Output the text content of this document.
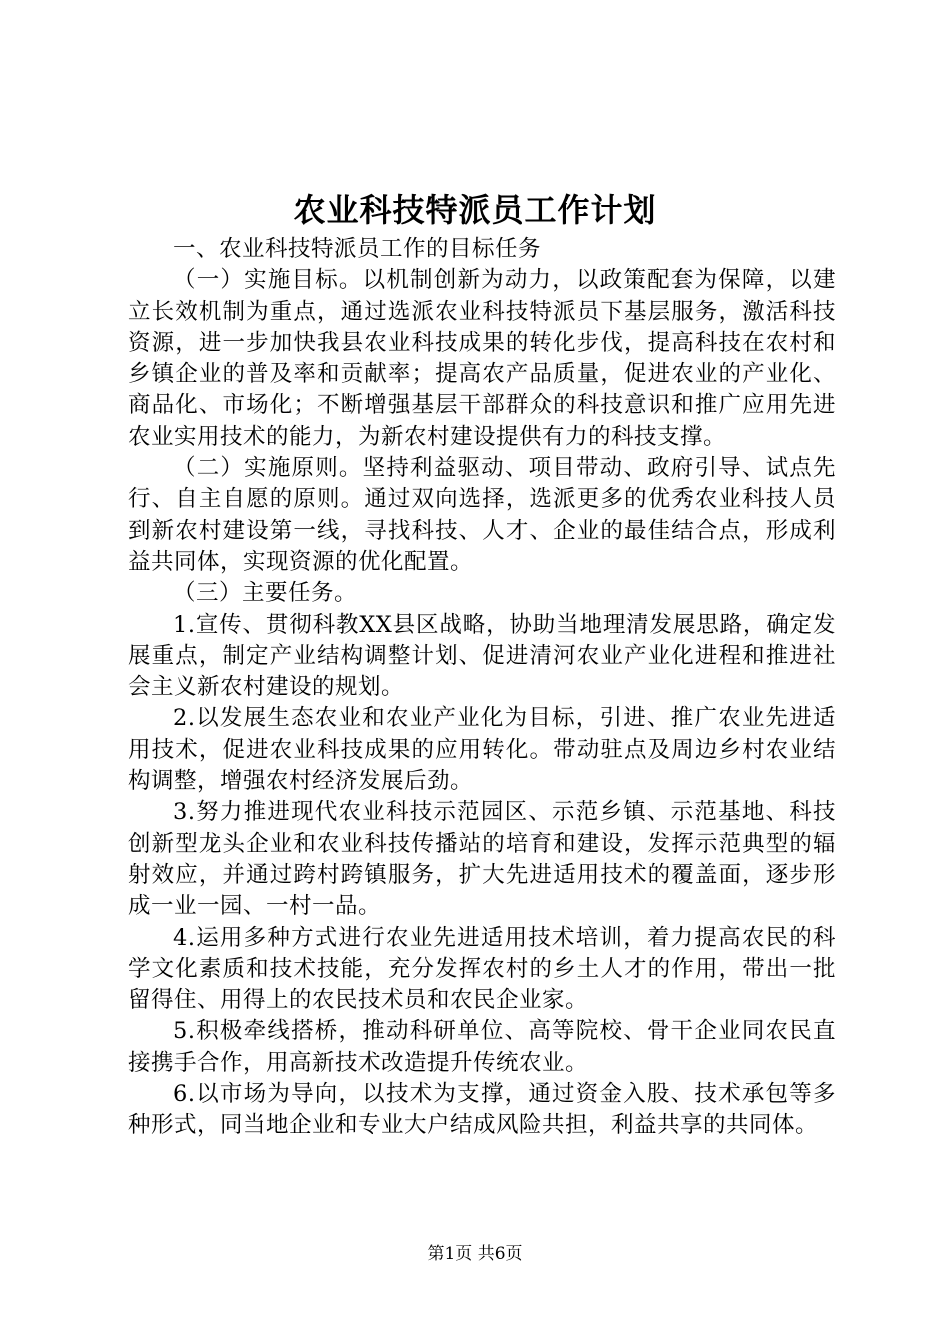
农业科技特派员工作计划

一、农业科技特派员工作的目标任务

（一）实施目标。以机制创新为动力，以政策配套为保障，以建立长效机制为重点，通过选派农业科技特派员下基层服务，激活科技资源，进一步加快我县农业科技成果的转化步伐，提高科技在农村和乡镇企业的普及率和贡献率；提高农产品质量，促进农业的产业化、商品化、市场化；不断增强基层干部群众的科技意识和推广应用先进农业实用技术的能力，为新农村建设提供有力的科技支撑。

（二）实施原则。坚持利益驱动、项目带动、政府引导、试点先行、自主自愿的原则。通过双向选择，选派更多的优秀农业科技人员到新农村建设第一线，寻找科技、人才、企业的最佳结合点，形成利益共同体，实现资源的优化配置。

（三）主要任务。

1.宣传、贯彻科教XX县区战略，协助当地理清发展思路，确定发展重点，制定产业结构调整计划、促进清河农业产业化进程和推进社会主义新农村建设的规划。

2.以发展生态农业和农业产业化为目标，引进、推广农业先进适用技术，促进农业科技成果的应用转化。带动驻点及周边乡村农业结构调整，增强农村经济发展后劲。

3.努力推进现代农业科技示范园区、示范乡镇、示范基地、科技创新型龙头企业和农业科技传播站的培育和建设，发挥示范典型的辐射效应，并通过跨村跨镇服务，扩大先进适用技术的覆盖面，逐步形成一业一园、一村一品。

4.运用多种方式进行农业先进适用技术培训，着力提高农民的科学文化素质和技术技能，充分发挥农村的乡土人才的作用，带出一批留得住、用得上的农民技术员和农民企业家。

5.积极牵线搭桥，推动科研单位、高等院校、骨干企业同农民直接携手合作，用高新技术改造提升传统农业。

6.以市场为导向，以技术为支撑，通过资金入股、技术承包等多种形式，同当地企业和专业大户结成风险共担，利益共享的共同体。

第1页 共6页
